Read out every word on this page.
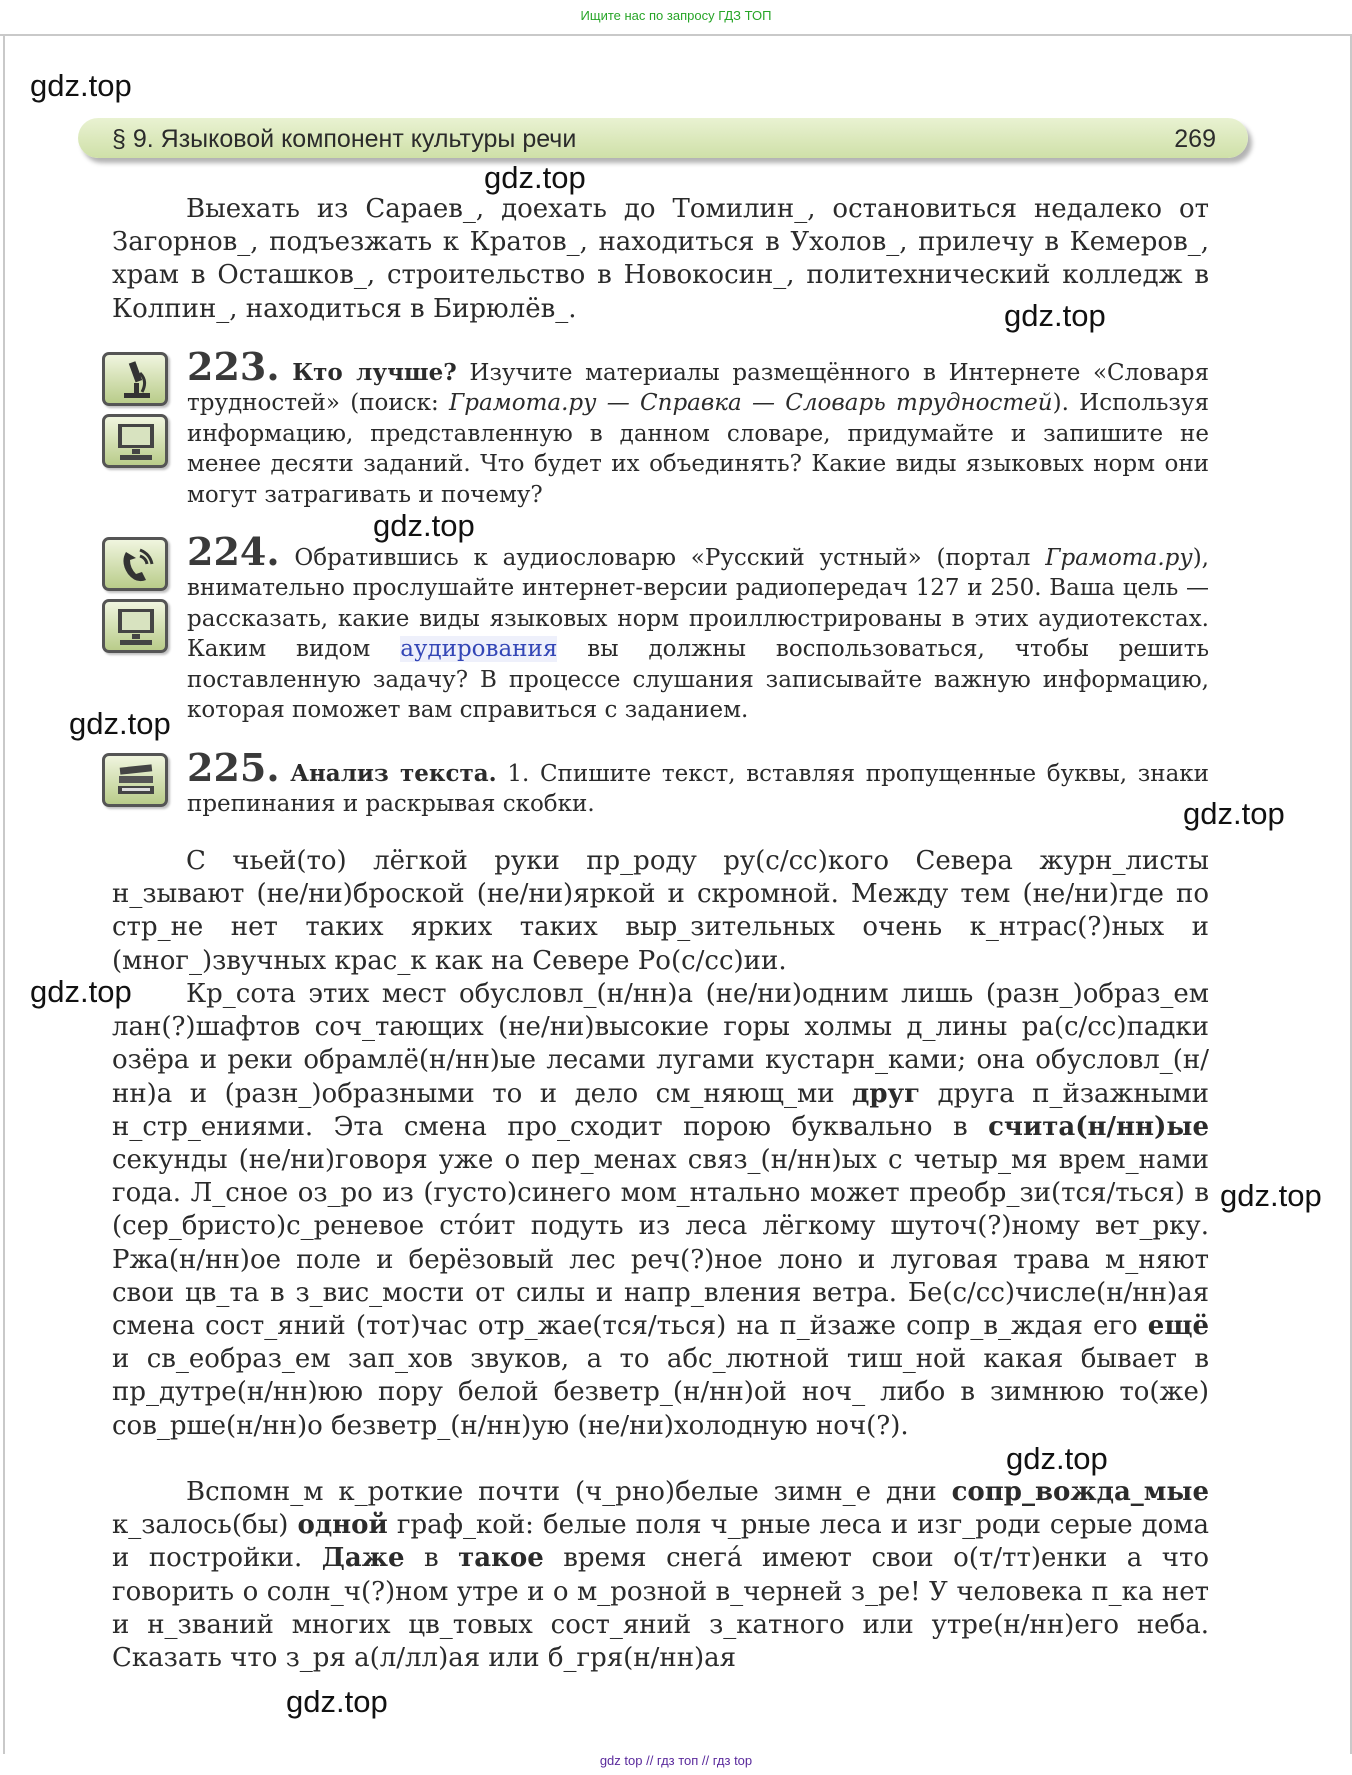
Ищите нас по запросу ГДЗ ТОП
§ 9. Языковой компонент культуры речи	269

Выехать из Сараев_, доехать до Томилин_, остановиться недалеко от Загорнов_, подъезжать к Кратов_, находиться в Ухолов_, прилечу в Кемеров_, храм в Осташков_, строительство в Новокосин_, политехнический колледж в Колпин_, находиться в Бирюлёв_.

223. Кто лучше? Изучите материалы размещённого в Интернете «Словаря трудностей» (поиск: Грамота.ру — Справка — Словарь трудностей). Используя информацию, представленную в данном словаре, придумайте и запишите не менее десяти заданий. Что будет их объединять? Какие виды языковых норм они могут затрагивать и почему?

224. Обратившись к аудиословарю «Русский устный» (портал Грамота.ру), внимательно прослушайте интернет-версии радиопередач 127 и 250. Ваша цель — рассказать, какие виды языковых норм проиллюстрированы в этих аудиотекстах. Каким видом аудирования вы должны воспользоваться, чтобы решить поставленную задачу? В процессе слушания записывайте важную информацию, которая поможет вам справиться с заданием.

225. Анализ текста. 1. Спишите текст, вставляя пропущенные буквы, знаки препинания и раскрывая скобки.

С чьей(то) лёгкой руки пр_роду ру(с/сс)кого Севера журн_листы н_зывают (не/ни)броской (не/ни)яркой и скромной. Между тем (не/ни)где по стр_не нет таких ярких таких выр_зительных очень к_нтрас(?)ных и (мног_)звучных крас_к как на Севере Ро(с/сс)ии.

Кр_сота этих мест обусловл_(н/нн)а (не/ни)одним лишь (разн_)образ_ем лан(?)шафтов соч_тающих (не/ни)высокие горы холмы д_лины ра(с/сс)падки озёра и реки обрамлё(н/нн)ые лесами лугами кустарн_ками; она обусловл_(н/нн)а и (разн_)образными то и дело см_няющ_ми друг друга п_йзажными н_стр_ениями. Эта смена про_сходит порою буквально в счита(н/нн)ые секунды (не/ни)говоря уже о пер_менах связ_(н/нн)ых с четыр_мя врем_нами года. Л_сное оз_ро из (густо)синего мом_нтально может преобр_зи(тся/ться) в (сер_бристо)с_реневое сто́ит подуть из леса лёгкому шуточ(?)ному вет_рку. Ржа(н/нн)ое поле и берёзовый лес реч(?)ное лоно и луговая трава м_няют свои цв_та в з_вис_мости от силы и напр_вления ветра. Бе(с/сс)числе(н/нн)ая смена сост_яний (тот)час отр_жае(тся/ться) на п_йзаже сопр_в_ждая его ещё и св_еобраз_ем зап_хов звуков, а то абс_лютной тиш_ной какая бывает в пр_дутре(н/нн)юю пору белой безветр_(н/нн)ой ноч_ либо в зимнюю то(же) сов_рше(н/нн)о безветр_(н/нн)ую (не/ни)холодную ноч(?).

Вспомн_м к_роткие почти (ч_рно)белые зимн_е дни сопр_вождa_мые к_залось(бы) одной граф_кой: белые поля ч_рные леса и изг_роди серые дома и постройки. Даже в такое время снегá имеют свои о(т/тт)енки а что говорить о солн_ч(?)ном утре и о м_розной в_черней з_ре! У человека п_ка нет и н_званий многих цв_товых сост_яний з_катного или утре(н/нн)его неба. Сказать что з_ря а(л/лл)ая или б_гря(н/нн)ая

gdz.top
gdz.top
gdz.top
gdz.top
gdz.top
gdz.top
gdz.top
gdz.top
gdz.top
gdz.top
gdz top // гдз топ // гдз top
